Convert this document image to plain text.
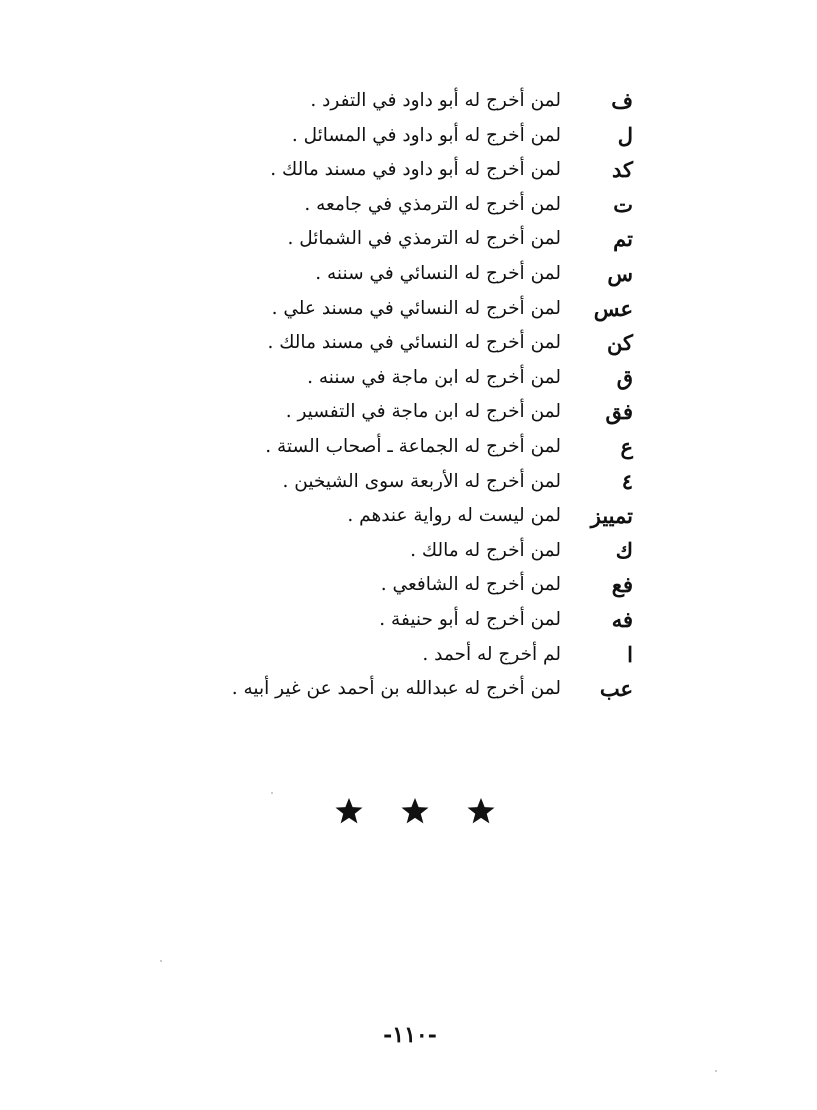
ف
لمن أخرج له أبو داود في التفرد .
ل
لمن أخرج له أبو داود في المسائل .
كد
لمن أخرج له أبو داود في مسند مالك .
ت
لمن أخرج له الترمذي في جامعه .
تم
لمن أخرج له الترمذي في الشمائل .
س
لمن أخرج له النسائي في سننه .
عس
لمن أخرج له النسائي في مسند علي .
كن
لمن أخرج له النسائي في مسند مالك .
ق
لمن أخرج له ابن ماجة في سننه .
فق
لمن أخرج له ابن ماجة في التفسير .
ع
لمن أخرج له الجماعة ـ أصحاب الستة .
٤
لمن أخرج له الأربعة سوى الشيخين .
تمييز
لمن ليست له رواية عندهم .
ك
لمن أخرج له مالك .
فع
لمن أخرج له الشافعي .
فه
لمن أخرج له أبو حنيفة .
ا
لم أخرج له أحمد .
عب
لمن أخرج له عبدالله بن أحمد عن غير أبيه .
-١١٠-
